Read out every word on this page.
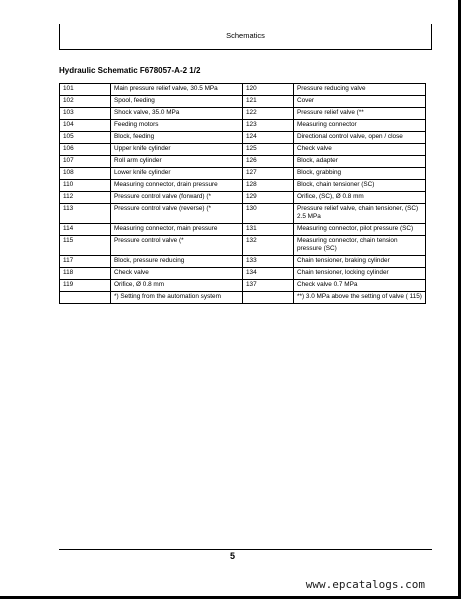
Schematics
Hydraulic Schematic F678057-A-2 1/2
101	Main pressure relief valve, 30.5 MPa	120	Pressure reducing valve
102	Spool, feeding	121	Cover
103	Shock valve, 35.0 MPa	122	Pressure relief valve (**
104	Feeding motors	123	Measuring connector
105	Block, feeding	124	Directional control valve, open / close
106	Upper knife cylinder	125	Check valve
107	Roll arm cylinder	126	Block, adapter
108	Lower knife cylinder	127	Block, grabbing
110	Measuring connector, drain pressure	128	Block, chain tensioner (SC)
112	Pressure control valve (forward) (*	129	Orifice, (SC), Ø 0.8 mm
113	Pressure control valve (reverse) (*	130	Pressure relief valve, chain tensioner, (SC) 2.5 MPa
114	Measuring connector, main pressure	131	Measuring connector, pilot pressure (SC)
115	Pressure control valve (*	132	Measuring connector, chain tension pressure (SC)
117	Block, pressure reducing	133	Chain tensioner, braking cylinder
118	Check valve	134	Chain tensioner, locking cylinder
119	Orifice, Ø 0.8 mm	137	Check valve 0.7 MPa
	*) Setting from the automation system		**) 3.0 MPa above the setting of valve ( 115)
5
www.epcatalogs.com
